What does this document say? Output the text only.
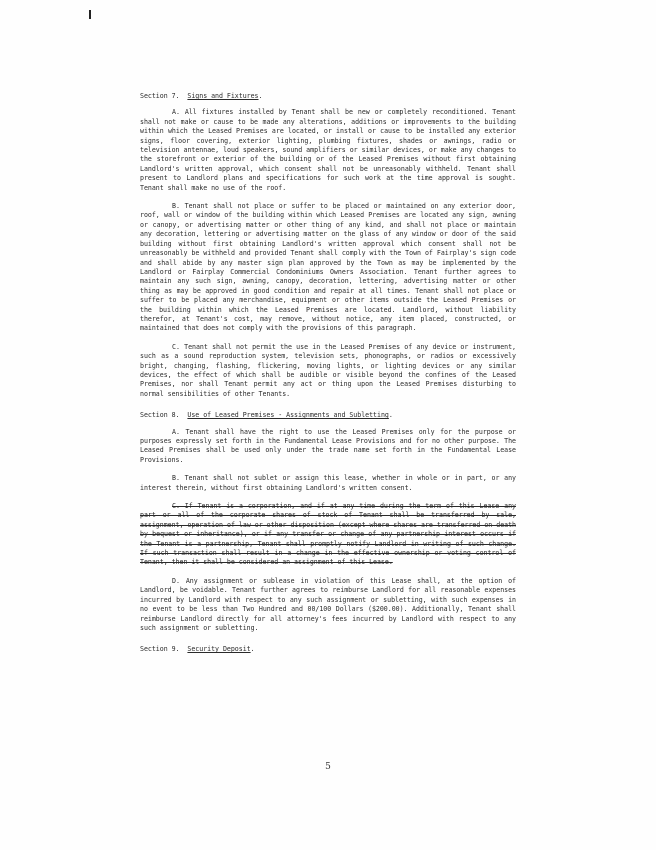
Section 7. Signs and Fixtures.

A. All fixtures installed by Tenant shall be new or completely reconditioned. Tenant shall not make or cause to be made any alterations, additions or improvements to the building within which the Leased Premises are located, or install or cause to be installed any exterior signs, floor covering, exterior lighting, plumbing fixtures, shades or awnings, radio or television antennae, loud speakers, sound amplifiers or similar devices, or make any changes to the storefront or exterior of the building or of the Leased Premises without first obtaining Landlord's written approval, which consent shall not be unreasonably withheld. Tenant shall present to Landlord plans and specifications for such work at the time approval is sought. Tenant shall make no use of the roof.

B. Tenant shall not place or suffer to be placed or maintained on any exterior door, roof, wall or window of the building within which Leased Premises are located any sign, awning or canopy, or advertising matter or other thing of any kind, and shall not place or maintain any decoration, lettering or advertising matter on the glass of any window or door of the said building without first obtaining Landlord's written approval which consent shall not be unreasonably be withheld and provided Tenant shall comply with the Town of Fairplay's sign code and shall abide by any master sign plan approved by the Town as may be implemented by the Landlord or Fairplay Commercial Condominiums Owners Association. Tenant further agrees to maintain any such sign, awning, canopy, decoration, lettering, advertising matter or other thing as may be approved in good condition and repair at all times. Tenant shall not place or suffer to be placed any merchandise, equipment or other items outside the Leased Premises or the building within which the Leased Premises are located. Landlord, without liability therefor, at Tenant's cost, may remove, without notice, any item placed, constructed, or maintained that does not comply with the provisions of this paragraph.

C. Tenant shall not permit the use in the Leased Premises of any device or instrument, such as a sound reproduction system, television sets, phonographs, or radios or excessively bright, changing, flashing, flickering, moving lights, or lighting devices or any similar devices, the effect of which shall be audible or visible beyond the confines of the Leased Premises, nor shall Tenant permit any act or thing upon the Leased Premises disturbing to normal sensibilities of other Tenants.

Section 8. Use of Leased Premises - Assignments and Subletting.

A. Tenant shall have the right to use the Leased Premises only for the purpose or purposes expressly set forth in the Fundamental Lease Provisions and for no other purpose. The Leased Premises shall be used only under the trade name set forth in the Fundamental Lease Provisions.

B. Tenant shall not sublet or assign this lease, whether in whole or in part, or any interest therein, without first obtaining Landlord's written consent.

C. If Tenant is a corporation, and if at any time during the term of this Lease any part or all of the corporate shares of stock of Tenant shall be transferred by sale, assignment, operation of law or other disposition (except where shares are transferred on death by bequest or inheritance), or if any transfer or change of any partnership interest occurs if the Tenant is a partnership, Tenant shall promptly notify Landlord in writing of such change. If such transaction shall result in a change in the effective ownership or voting control of Tenant, then it shall be considered an assignment of this Lease.

D. Any assignment or sublease in violation of this Lease shall, at the option of Landlord, be voidable. Tenant further agrees to reimburse Landlord for all reasonable expenses incurred by Landlord with respect to any such assignment or subletting, with such expenses in no event to be less than Two Hundred and 00/100 Dollars ($200.00). Additionally, Tenant shall reimburse Landlord directly for all attorney's fees incurred by Landlord with respect to any such assignment or subletting.

Section 9. Security Deposit.
5
